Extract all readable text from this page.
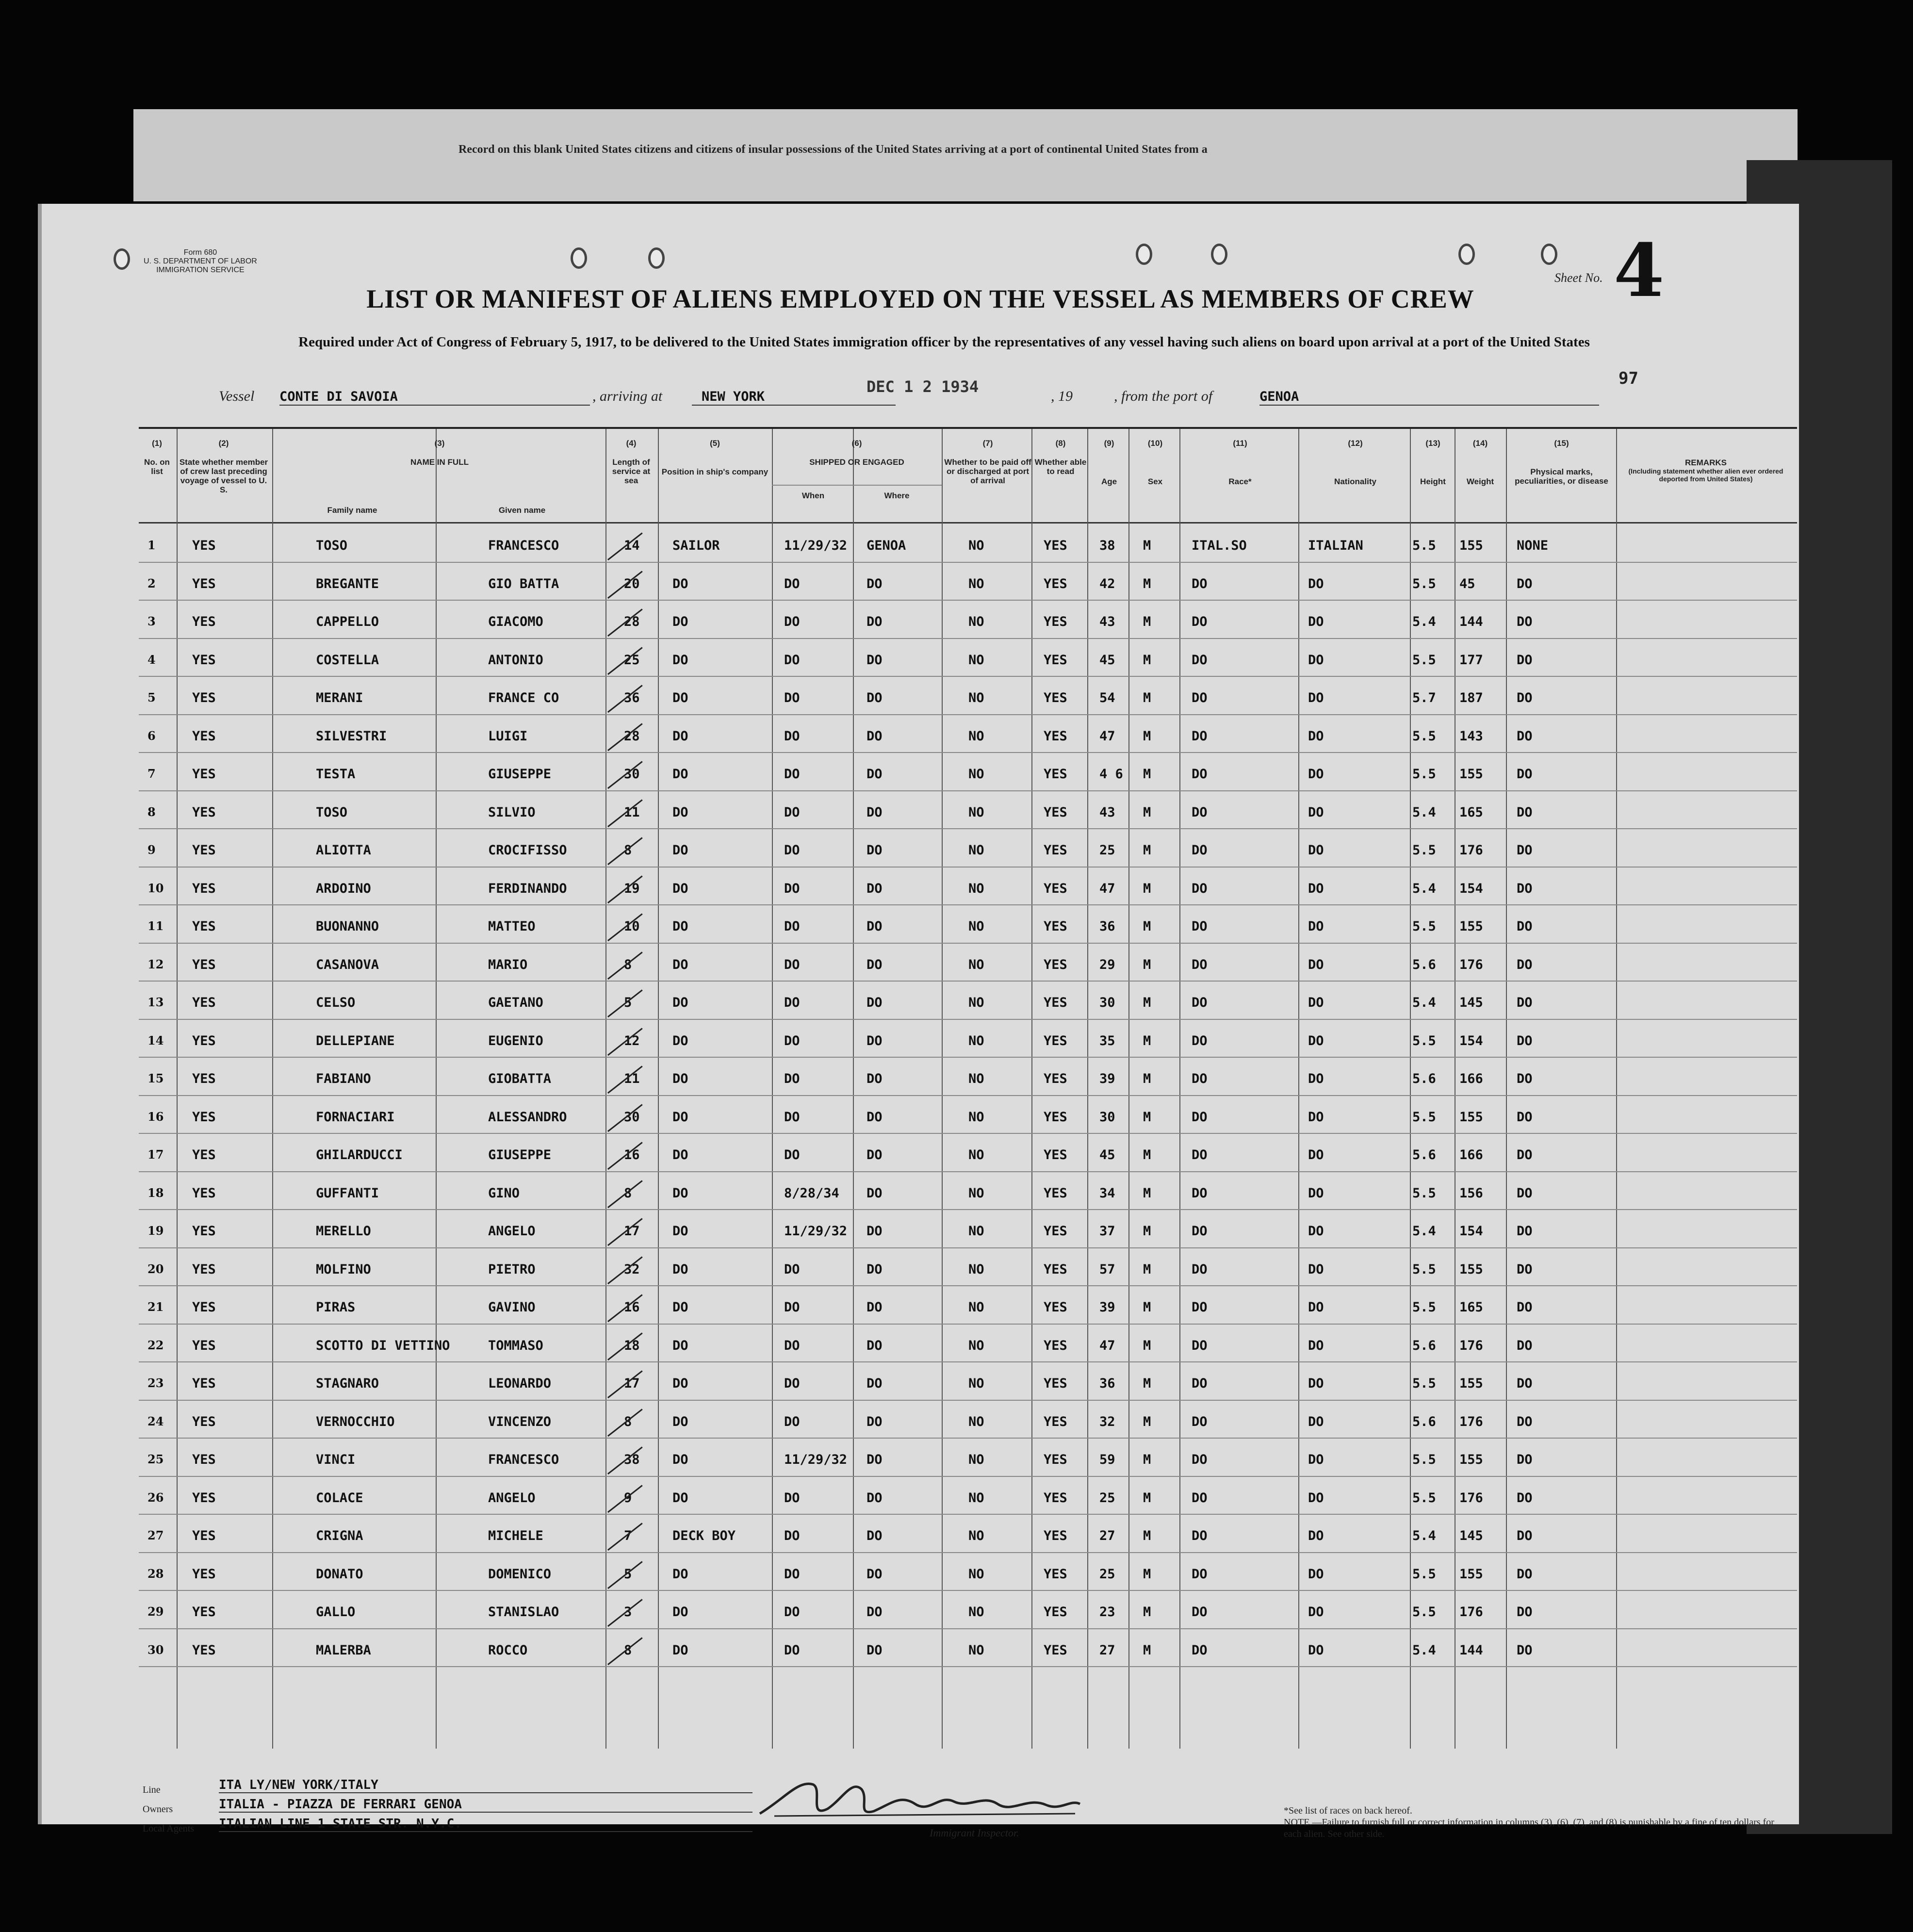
Record on this blank United States citizens and citizens of insular possessions of the United States arriving at a port of continental United States from a
Form 680
U. S. DEPARTMENT OF LABOR
IMMIGRATION SERVICE
LIST OR MANIFEST OF ALIENS EMPLOYED ON THE VESSEL AS MEMBERS OF CREW
Required under Act of Congress of February 5, 1917, to be delivered to the United States immigration officer by the representatives of any vessel having such aliens on board upon arrival at a port of the United States
Sheet No. 4
97
Vessel CONTE DI SAVOIA	, arriving at	NEW YORK
DEC 1 2 1934
, 19	, from the port of	GENOA
(1)
No. on list
(2)
State whether member of crew last preceding voyage of vessel to U. S.
(3)
NAME IN FULL
Family name	Given name
(4)
Length of service at sea
(5)
Position in ship's company
(6)
SHIPPED OR ENGAGED
When	Where
(7)
Whether to be paid off or discharged at port of arrival
(8)
Whether able to read
(9)
Age
(10)
Sex
(11)
Race*
(12)
Nationality
(13)
Height
(14)
Weight
(15)
Physical marks, peculiarities, or disease
REMARKS
(Including statement whether alien ever ordered deported from United States)
1	YES	TOSO	FRANCESCO	14 SAILOR	11/29/32 GENOA	NO	YES 38 M	ITAL.SO	ITALIAN	5.5 155	NONE
2	YES	BREGANTE	GIO BATTA	20 DO	DO	DO	NO	YES 42 M	DO	DO	5.5 45	DO
3	YES	CAPPELLO	GIACOMO	28 DO	DO	DO	NO	YES 43 M	DO	DO	5.4 144	DO
4	YES	COSTELLA	ANTONIO	25 DO	DO	DO	NO	YES 45 M	DO	DO	5.5 177	DO
5	YES	MERANI	FRANCE CO	36 DO	DO	DO	NO	YES 54 M	DO	DO	5.7 187	DO
6	YES	SILVESTRI	LUIGI	28 DO	DO	DO	NO	YES 47 M	DO	DO	5.5 143	DO
7	YES	TESTA	GIUSEPPE	30 DO	DO	DO	NO	YES 4 6 M	DO	DO	5.5 155	DO
8	YES	TOSO	SILVIO	11 DO	DO	DO	NO	YES 43 M	DO	DO	5.4 165	DO
9	YES	ALIOTTA	CROCIFISSO	8	DO	DO	DO	NO	YES 25 M	DO	DO	5.5 176	DO
10 YES	ARDOINO	FERDINANDO	19 DO	DO	DO	NO	YES 47 M	DO	DO	5.4 154	DO
11 YES	BUONANNO	MATTEO	10 DO	DO	DO	NO	YES 36 M	DO	DO	5.5 155	DO
12 YES	CASANOVA	MARIO	8	DO	DO	DO	NO	YES 29 M	DO	DO	5.6 176	DO
13 YES	CELSO	GAETANO	5	DO	DO	DO	NO	YES 30 M	DO	DO	5.4 145	DO
14 YES	DELLEPIANE	EUGENIO	12 DO	DO	DO	NO	YES 35 M	DO	DO	5.5 154	DO
15 YES	FABIANO	GIOBATTA	11 DO	DO	DO	NO	YES 39 M	DO	DO	5.6 166	DO
16 YES	FORNACIARI	ALESSANDRO	30 DO	DO	DO	NO	YES 30 M	DO	DO	5.5 155	DO
17 YES	GHILARDUCCI	GIUSEPPE	16 DO	DO	DO	NO	YES 45 M	DO	DO	5.6 166	DO
18 YES	GUFFANTI	GINO	8	DO	8/28/34 DO	NO	YES 34 M	DO	DO	5.5 156	DO
19 YES	MERELLO	ANGELO	17 DO	11/29/32 DO	NO	YES 37 M	DO	DO	5.4 154	DO
20 YES	MOLFINO	PIETRO	32 DO	DO	DO	NO	YES 57 M	DO	DO	5.5 155	DO
21 YES	PIRAS	GAVINO	16 DO	DO	DO	NO	YES 39 M	DO	DO	5.5 165	DO
22 YES	SCOTTO DI VETTINO	TOMMASO	18 DO	DO	DO	NO	YES 47 M	DO	DO	5.6 176	DO
23 YES	STAGNARO	LEONARDO	17 DO	DO	DO	NO	YES 36 M	DO	DO	5.5 155	DO
24 YES	VERNOCCHIO	VINCENZO	8	DO	DO	DO	NO	YES 32 M	DO	DO	5.6 176	DO
25 YES	VINCI	FRANCESCO	38 DO	11/29/32 DO	NO	YES 59 M	DO	DO	5.5 155	DO
26 YES	COLACE	ANGELO	9	DO	DO	DO	NO	YES 25 M	DO	DO	5.5 176	DO
27 YES	CRIGNA	MICHELE	7	DECK BOY	DO	DO	NO	YES 27 M	DO	DO	5.4 145	DO
28 YES	DONATO	DOMENICO	5	DO	DO	DO	NO	YES 25 M	DO	DO	5.5 155	DO
29 YES	GALLO	STANISLAO	3	DO	DO	DO	NO	YES 23 M	DO	DO	5.5 176	DO
30 YES	MALERBA	ROCCO	8	DO	DO	DO	NO	YES 27 M	DO	DO	5.4 144	DO
Line	ITA LY/NEW YORK/ITALY
Owners	ITALIA - PIAZZA DE FERRARI GENOA
Local Agents ITALIAN LINE 1 STATE STR. N.Y.C.
Immigrant Inspector.
*See list of races on back hereof.
NOTE.—Failure to furnish full or correct information in columns (3), (6), (7), and (8) is punishable by a fine of ten dollars for each alien. See other side.
